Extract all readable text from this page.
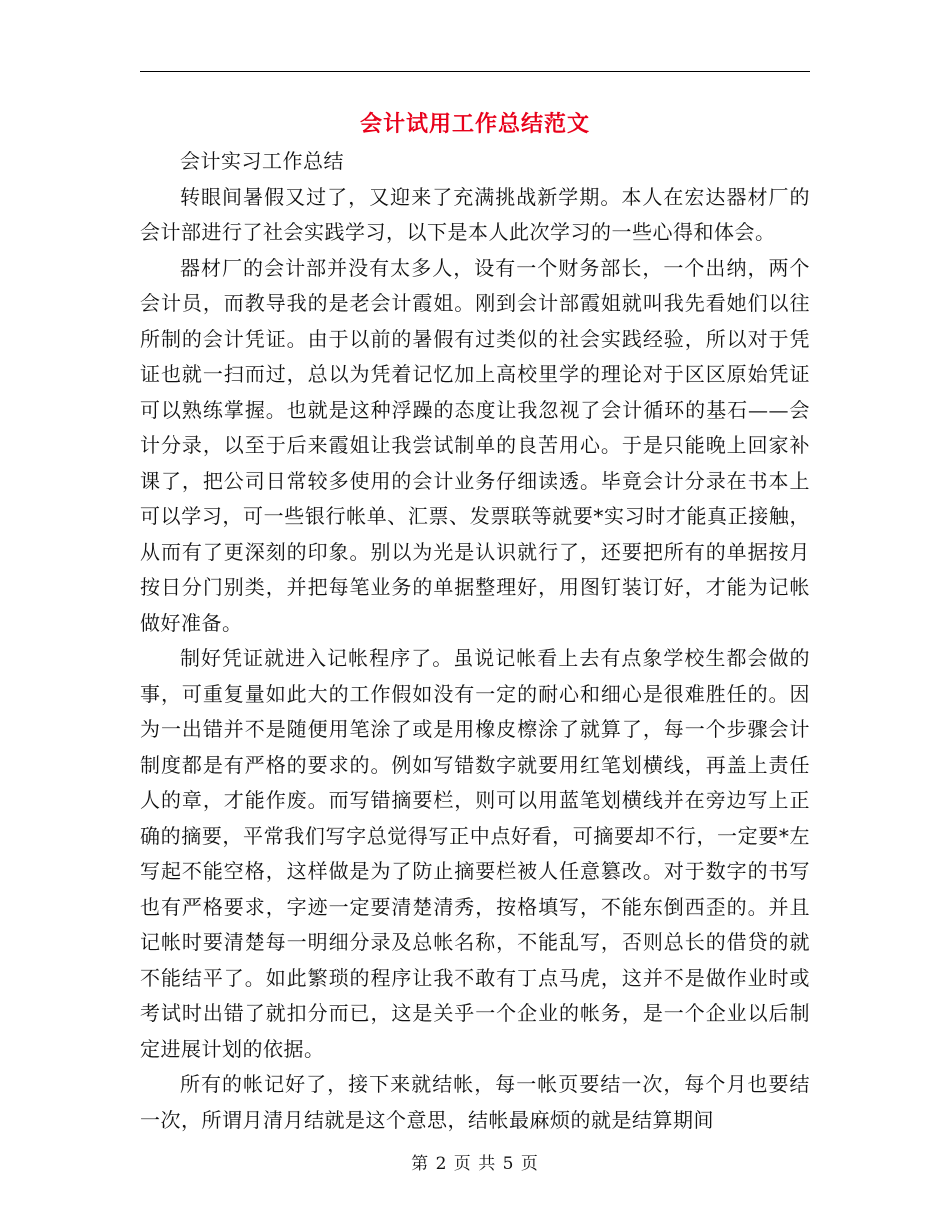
会计试用工作总结范文

会计实习工作总结

转眼间暑假又过了，又迎来了充满挑战新学期。本人在宏达器材厂的会计部进行了社会实践学习，以下是本人此次学习的一些心得和体会。

器材厂的会计部并没有太多人，设有一个财务部长，一个出纳，两个会计员，而教导我的是老会计霞姐。刚到会计部霞姐就叫我先看她们以往所制的会计凭证。由于以前的暑假有过类似的社会实践经验，所以对于凭证也就一扫而过，总以为凭着记忆加上高校里学的理论对于区区原始凭证可以熟练掌握。也就是这种浮躁的态度让我忽视了会计循环的基石——会计分录，以至于后来霞姐让我尝试制单的良苦用心。于是只能晚上回家补课了，把公司日常较多使用的会计业务仔细读透。毕竟会计分录在书本上可以学习，可一些银行帐单、汇票、发票联等就要*实习时才能真正接触，从而有了更深刻的印象。别以为光是认识就行了，还要把所有的单据按月按日分门别类，并把每笔业务的单据整理好，用图钉装订好，才能为记帐做好准备。

制好凭证就进入记帐程序了。虽说记帐看上去有点象学校生都会做的事，可重复量如此大的工作假如没有一定的耐心和细心是很难胜任的。因为一出错并不是随便用笔涂了或是用橡皮檫涂了就算了，每一个步骤会计制度都是有严格的要求的。例如写错数字就要用红笔划横线，再盖上责任人的章，才能作废。而写错摘要栏，则可以用蓝笔划横线并在旁边写上正确的摘要，平常我们写字总觉得写正中点好看，可摘要却不行，一定要*左写起不能空格，这样做是为了防止摘要栏被人任意篡改。对于数字的书写也有严格要求，字迹一定要清楚清秀，按格填写，不能东倒西歪的。并且记帐时要清楚每一明细分录及总帐名称，不能乱写，否则总长的借贷的就不能结平了。如此繁琐的程序让我不敢有丁点马虎，这并不是做作业时或考试时出错了就扣分而已，这是关乎一个企业的帐务，是一个企业以后制定进展计划的依据。

所有的帐记好了，接下来就结帐，每一帐页要结一次，每个月也要结一次，所谓月清月结就是这个意思，结帐最麻烦的就是结算期间

第 2 页 共 5 页
